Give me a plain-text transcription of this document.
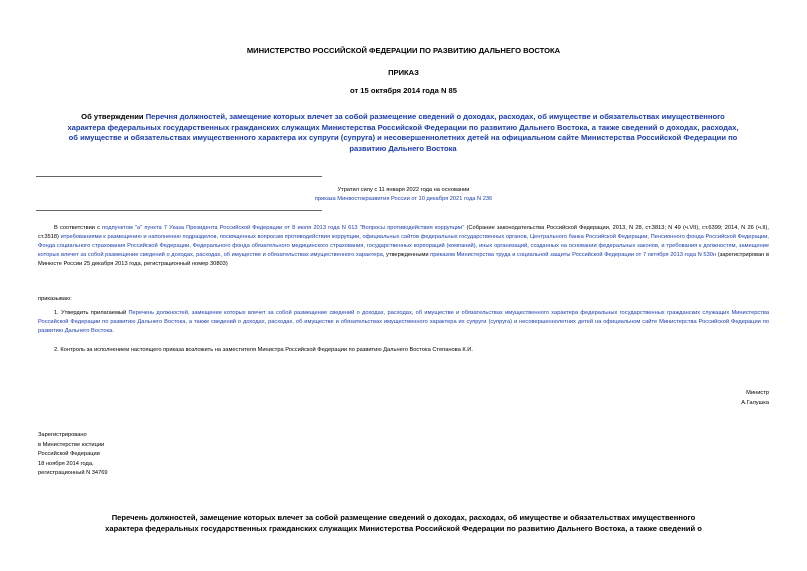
МИНИСТЕРСТВО РОССИЙСКОЙ ФЕДЕРАЦИИ ПО РАЗВИТИЮ ДАЛЬНЕГО ВОСТОКА
ПРИКАЗ
от 15 октября 2014 года N 85
Об утверждении Перечня должностей, замещение которых влечет за собой размещение сведений о доходах, расходах, об имуществе и обязательствах имущественного характера федеральных государственных гражданских служащих Министерства Российской Федерации по развитию Дальнего Востока, а также сведений о доходах, расходах, об имуществе и обязательствах имущественного характера их супруги (супруга) и несовершеннолетних детей на официальном сайте Министерства Российской Федерации по развитию Дальнего Востока
Утратил силу с 11 января 2022 года на основании
приказа Минвостокразвития России от 10 декабря 2021 года N 236
В соответствии с подпунктом "а" пункта 7 Указа Президента Российской Федерации от 8 июля 2013 года N 613 "Вопросы противодействия коррупции" (Собрание законодательства Российской Федерации, 2013, N 28, ст.3813; N 49 (ч.VII), ст.6399; 2014, N 26 (ч.II), ст.3518) итребованиями к размещению и наполнению подразделов, посвященных вопросам противодействия коррупции, официальных сайтов федеральных государственных органов, Центрального банка Российской Федерации, Пенсионного фонда Российской Федерации, Фонда социального страхования Российской Федерации, Федерального фонда обязательного медицинского страхования, государственных корпораций (компаний), иных организаций, созданных на основании федеральных законов, и требования к должностям, замещение которых влечет за собой размещение сведений о доходах, расходах, об имуществе и обязательствах имущественного характера, утвержденными приказом Министерства труда и социальной защиты Российской Федерации от 7 октября 2013 года N 530н (зарегистрирован в Минюсте России 25 декабря 2013 года, регистрационный номер 30803)
приказываю:
1. Утвердить прилагаемый Перечень должностей, замещение которых влечет за собой размещение сведений о доходах, расходах, об имуществе и обязательствах имущественного характера федеральных государственных гражданских служащих Министерства Российской Федерации по развитию Дальнего Востока, а также сведений о доходах, расходах, об имуществе и обязательствах имущественного характера их супруги (супруга) и несовершеннолетних детей на официальном сайте Министерства Российской Федерации по развитию Дальнего Востока.
2. Контроль за исполнением настоящего приказа возложить на заместителя Министра Российской Федерации по развитию Дальнего Востока Степанова К.И.
Министр
А.Галушка
Зарегистрировано
в Министерстве юстиции
Российской Федерации
18 ноября 2014 года,
регистрационный N 34769
Перечень должностей, замещение которых влечет за собой размещение сведений о доходах, расходах, об имуществе и обязательствах имущественного
характера федеральных государственных гражданских служащих Министерства Российской Федерации по развитию Дальнего Востока, а также сведений о
